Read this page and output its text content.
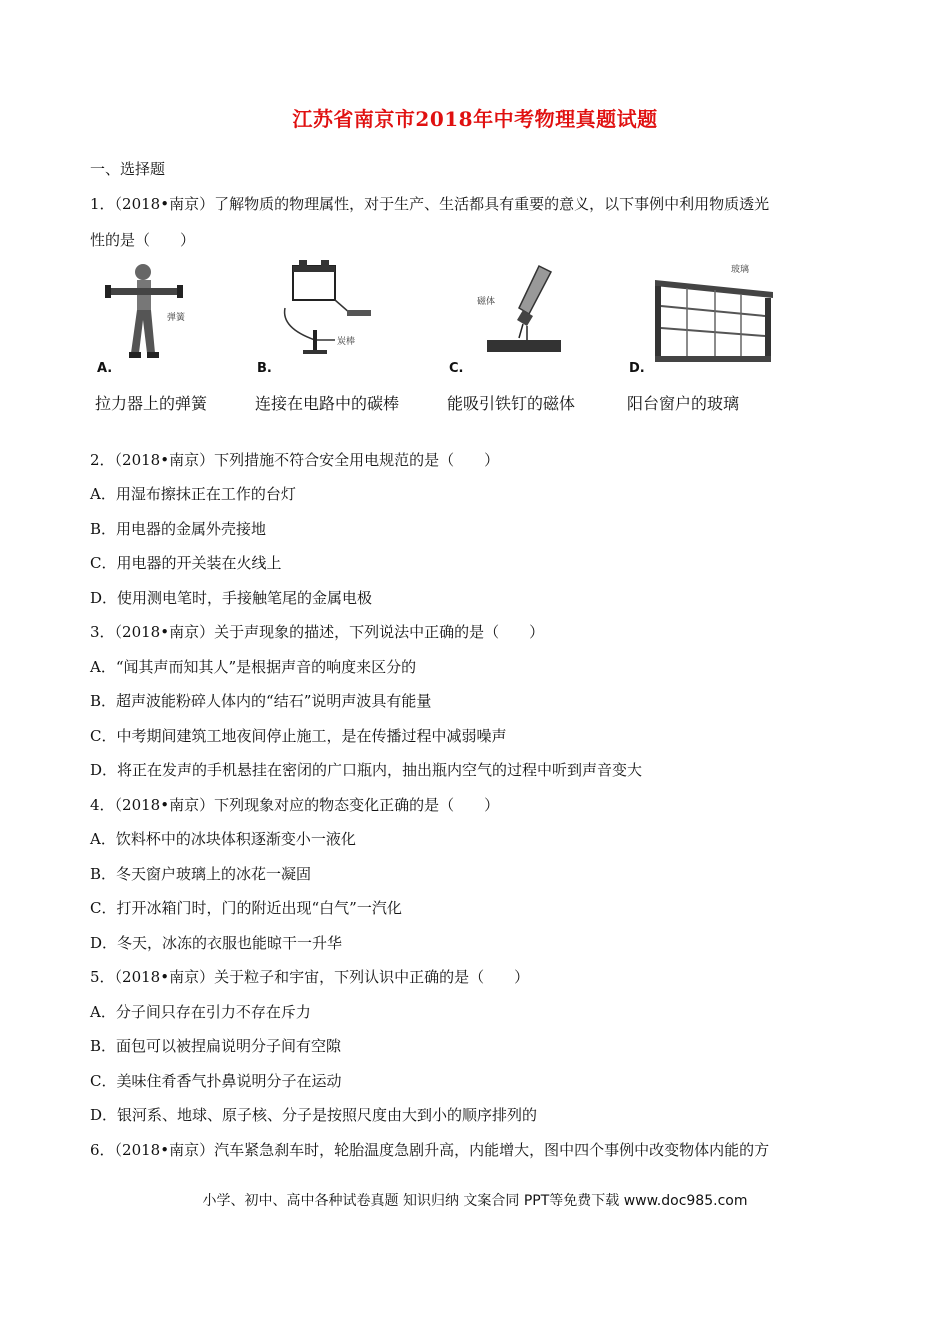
江苏省南京市2018年中考物理真题试题
一、选择题
1．（2018•南京）了解物质的物理属性，对于生产、生活都具有重要的意义，以下事例中利用物质透光
性的是（　　）
弹簧
A.
拉力器上的弹簧
炭棒
B.
连接在电路中的碳棒
磁体
C.
能吸引铁钉的磁体
玻璃
D.
阳台窗户的玻璃
2．（2018•南京）下列措施不符合安全用电规范的是（　　）
A．用湿布擦抹正在工作的台灯
B．用电器的金属外壳接地
C．用电器的开关装在火线上
D．使用测电笔时，手接触笔尾的金属电极
3．（2018•南京）关于声现象的描述，下列说法中正确的是（　　）
A．“闻其声而知其人”是根据声音的响度来区分的
B．超声波能粉碎人体内的“结石”说明声波具有能量
C．中考期间建筑工地夜间停止施工，是在传播过程中减弱噪声
D．将正在发声的手机悬挂在密闭的广口瓶内，抽出瓶内空气的过程中听到声音变大
4．（2018•南京）下列现象对应的物态变化正确的是（　　）
A．饮料杯中的冰块体积逐渐变小一液化
B．冬天窗户玻璃上的冰花一凝固
C．打开冰箱门时，门的附近出现“白气”一汽化
D．冬天，冰冻的衣服也能晾干一升华
5．（2018•南京）关于粒子和宇宙，下列认识中正确的是（　　）
A．分子间只存在引力不存在斥力
B．面包可以被捏扁说明分子间有空隙
C．美味住肴香气扑鼻说明分子在运动
D．银河系、地球、原子核、分子是按照尺度由大到小的顺序排列的
6．（2018•南京）汽车紧急刹车时，轮胎温度急剧升高，内能增大，图中四个事例中改变物体内能的方
小学、初中、高中各种试卷真题 知识归纳 文案合同 PPT等免费下载 www.doc985.com
